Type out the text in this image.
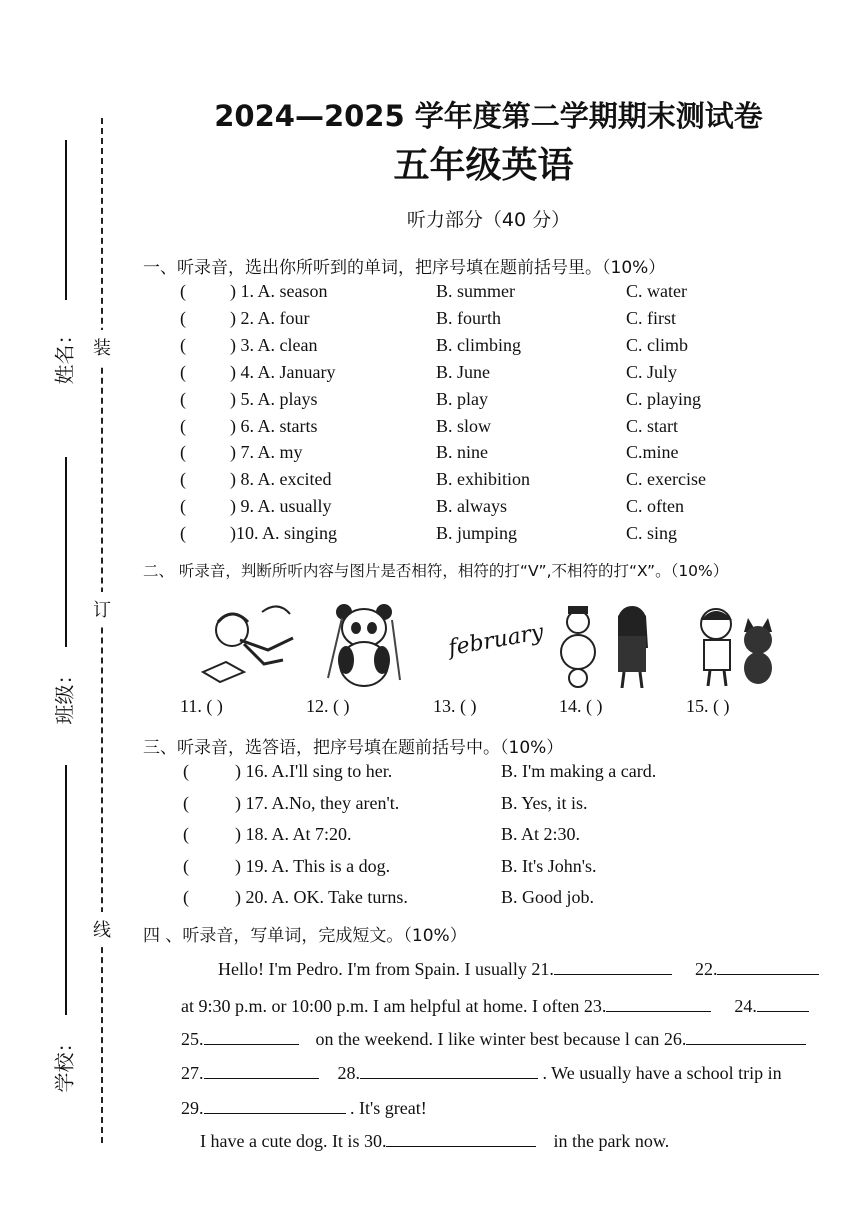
姓名：
班级：
学校：
装
订
线
2024—2025 学年度第二学期期末测试卷
五年级英语
听力部分（40 分）
一、听录音，选出你所听到的单词，把序号填在题前括号里。（10%）
( ) 1. A. season	B. summer	C. water
( ) 2. A. four	B. fourth	C. first
( ) 3. A. clean	B. climbing	C. climb
( ) 4. A. January	B. June	C. July
( ) 5. A. plays	B. play	C. playing
( ) 6. A. starts	B. slow	C. start
( ) 7. A. my	B. nine	C.mine
( ) 8. A. excited	B. exhibition	C. exercise
( ) 9. A. usually	B. always	C. often
( )10. A. singing	B. jumping	C. sing
二、 听录音，判断所听内容与图片是否相符，相符的打“V”,不相符的打“X”。（10%）
february
11. ( )	12. ( )	13. ( )	14. ( )	15. ( )
三、听录音，选答语，把序号填在题前括号中。（10%）
(	) 16. A.I'll sing to her.	B. I'm making a card.
(	) 17. A.No, they aren't.	B. Yes, it is.
(	) 18. A. At 7:20.	B. At 2:30.
(	) 19. A. This is a dog.	B. It's John's.
(	) 20. A. OK. Take turns.	B. Good job.
四 、听录音，写单词，完成短文。（10%）
Hello! I'm Pedro. I'm from Spain. I usually 21.	22.
at 9:30 p.m. or 10:00 p.m. I am helpful at home. I often 23.	24.
25.	on the weekend. I like winter best because l can 26.
27.	28.	. We usually have a school trip in
29.	. It's great!
I have a cute dog. It is 30.	in the park now.
